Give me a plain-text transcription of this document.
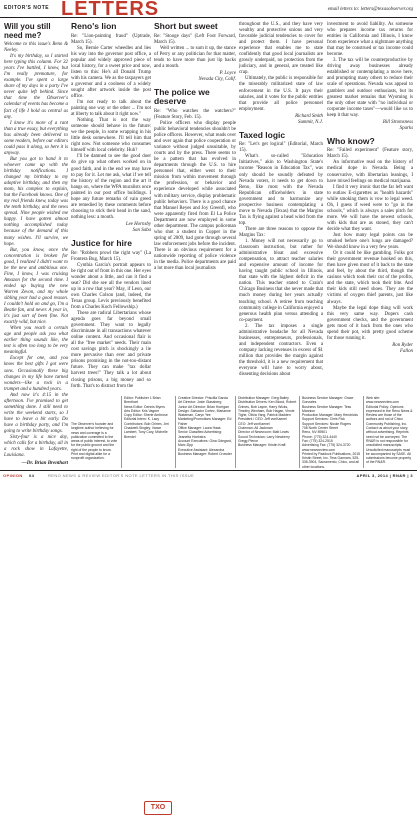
EDITOR'S NOTE LETTERS	email letters to: letters@texasobserver.org
Will you still need me?

Welcome to this issue's Reno & Neeley.

It's my birthday, so I started here typing this column. For 32 years I've battled, I know, but I'm really premature, for example. I've spent a large share of my days in a party I've never quite left behind. Since that time the Observer's calendar of events has become a fact of life I hold as central as any.

I know it's more of a rant than a true essay, but everything has already been delivered to some readers, before our editors could pass it along, so here it is anyway.

But you got to hand it to whoever came up with the birthday notifications. I changed my birthday to my adoptive birthday, and then my mom, his complex to explain, but the Facebook knows. One of my real friends knew, today was the tenth birthday, and the news spread. Nine people wished me happy. I have gotten almost nothing accomplished today because of the demand of this many wishes. I'll survive, we hope.

But, you know, once the concentration is broken for good, I realized I didn't want to be the new and ambitious one. Fine, I know, I was cruising Amazon for the second time. I ended up buying the new Warren Zevon, and my whole sibling year had a good reason. I couldn't hold on and go, I'm a Beatle fan, and never. A year in, it's just sort of been fine. Not exactly wild, but nice.

When you reach a certain age and people ask you what earlier thing sounds like, the test is often too long to be very meaningful.

Except for one, and you know the best gifts I got were sons. Occasionally these big changes in my life have turned wonders—like a rock in a trumpet and a hundred years.

And now it's 4:15 in the afternoon. I've promised to get something done. I still need to write the weekend starts, so I have to leave a bit early. Do have a birthday party, and I'm going to write birthday songs.

Sixty-four is a nice day, which calls for a birthday, all in a rock show in Lafayette, Louisiana.

—Dr. Brian Brenthart
Reno's lion

Re: "Lion-painting fraud" (Uptrade, March 15).

So, Bernie Carter wheedles and lies his way into the governor post office, a popular and widely approved piece of local history, for a sweet price and now, listen to this: He's all Donald Trump with his camera. We as the taxpayers get a governor and a coolness of a widely sought after artwork inside the post office.

I'm not ready to talk about the painting one way or the other ... I'm not at liberty to talk about it right now."

Nothing. That is not the way someone should behave in the future: we the people, in some wrapping in his little desk somewhere. I'll tell him that right now. Not someone who consumes himself with local celebrity. Huh?

I'll be damned to see the good doer do give up what others worked on in good faith, and in the end we may have to pay for it. Let me ask, what if we tell the history of the region and the art it hangs on, where the WPA muralists once painted in our post office buildings. I hope any future remarks of vain greed are remedied by these comments before choosing to stick their head in the sand, nothing less: a mouth.

Lee Hornsby
San Saba
Justice for hire

Re: "Robbers prowl the right way" (La Frontera Bug, March 15).

Cynthia Garcia's portrait appears to be right out of front in this one. Her eyes wonder about a little, and can it find a seat? Did she see all the vendors lined up in a row that year? May, if Leon, our own Charles Colson (and, indeed, the Texas group. Levis previously benefited from a Charles Koch Fellowship.)

These are radical Libertarians whose agenda goes far beyond small government. They want to legally discriminate in all transactions whatever online content. And occasional flair is all the "free market" needs. Their main cost savings pitch is shockingly a lie more pervasive than ever and private prisons promising in the not-too-distant future. They can make "tax dollar harvest trees!" They talk a lot about closing prisons, a big money and so forth. That's to distract from the

Short but sweet

Re: "Stooge days" (Left Foot Forward, March 15).

Well written ... to sum it up, the stance of Perry or any politician for that matter, tends to have more than just lip hacks and a mouth.

P. Loyce
Nevada City, Calif.
The police we deserve

Re: "Who watches the watchers?" (Feature Story, Feb. 15).

Police officers who display people public behavioral tendencies shouldn't be police officers. However, what reads over and over again that police cooperation or variance without judged unsuitable, by courts and by the press. There seems to be a pattern that has evolved in departments through the U.S. to hire personnel that, either went to their mission from within movement through the profession, or behavior and experience developed while associated with military service, display problematic public behaviors. There is a good chance that Manuel Reyes and Joy Greenfi, who were apparently fired from El La Police Department are now employed in some other department. The campus policeman who shot a student in Copper in the spring of 2009, had gone through several law enforcement jobs before the incident. There is an obvious requirement for a nationwide reporting of police violence in the media. Police departments are paid a lot more than local journalists

throughout the U.S., and they have very wealthy and protective unions and very favorable judicial tendencies to cover for and protect them. I have personal experience that enables me to state confidently that good local journalists are grossly underpaid, no protection from the judiciary, and in general, are treated like crap.

Ultimately, the public is responsible for the miserably militarized state of law enforcement in the U.S. It pays their salaries, and it votes for the public entities that provide all police personnel employment.

Richard Smith
Summit, N.J.
Taxed logic

Re: "Let's get logical" (Editorial, March 15).

What's so-called "Education Initiatives," akin to Washington State's income "Reason in Education Tax", was only should be soundly defeated by Nevada voters, it needs to get down to Reno, like most with the Nevada Republican officeholders in state government and to harmonize any prospective business contemplating a move to Nevada (Texas) that the Margins Tax is flying against a head wind from the top.

There are three reasons to oppose the Margins Tax:

1. Money will not necessarily go to classroom instruction, but rather for administrative bloat and excessive compensation, to attract teacher salaries and expensive amount of income for having taught public school in Illinois, that state with the highest deficit in the nation. This teacher stated to Crain's Chicago Business that she never made that much money during her years actually teaching school. A retiree from teaching community college in California enjoyed a generous health plan versus attending a co-payment.

2. The tax imposes a single administrative headache for all Nevada businesses, entrepreneurs, professionals, and independent contractors. Even a company lacking revenues in excess of $1 million that provides the margin against the threshold, it is a new requirement that everyone will have to worry about, dissenting decisions about

investment to avoid liability. As someone who prepares income tax returns for entities in California and Illinois, I know from experience what a nightmare anything that may be construed or tax income could become.

3. The tax will be counterproductive by driving away businesses already established or contemplating a move here, and prompting many others to reduce their scale of operations. Nevada was appeal to gamblers and outdoor enthusiasts, but its greatest market remains that Wyoming is the only other state with "no individual or corporate income taxes"—would like us to keep it that way.

Bill Stromsness
Sparks
Who know?

Re: "Failed experiment" (Feature story, March 15).

An informative read on the history of medical dope in Nevada. Being a conservative, with libertarian leanings, I have mixed feelings on medical marijuana.

I find it very ironic that the far left want to outlaw E-cigarettes as "health hazards" while smoking them is vow to legal weed. Oh, I guess if weed were to "go in the schools," which is always a sales pitch for more. We will have the newest schools, with kids that are as stoned, they can't decide what they want.

Just how many legal points can be smoked before one's lungs are damaged? We should know in a very few years.

Or it could be like gambling. Folks got their government revenue hooked on this, then have given most of it back to the state and feel, by about the third, though the casinos which took their cut of the profits, and the state, which took their bite. And their kids still need shoes. They are the victims of oxygen thief parents, just like always.

Maybe the legal dope thing will work this very same way. Dopers cash government checks, and the government gets most of it back from the ones who spend their pot, with pretty good scheme for those running it.

Ron Ryder
Fallon
TXO
The Observer's founder and longtime author believing for news and coverage is a publication committed to the areas of public interest, to vote for the public ground and the right of the people to know. Print and digital alike for a nonprofit organization.
Editor: Publisher 1 Brian Brenthart
News Editor: Dennis Myers
Arts Editor: Kris Vagner
Copy Editor: Sherie Ambrose
Editorial Intern: K. Lacy
Contributors: Bob Grimm, Jeri Chadwell-Singley, Vance Lambert, Tony Cary, Michelle Brendel
Creative Director: Priscilla Garcia
Art Director: Josie Glassberg
Junior Art Director: Brian Horrigan
Design: Salvador Cortez, Marianne Wakeman, Caryn Yee
Marketing/Promotions Manager: Ed Fisher
Office Manager: Laura Haas
Senior Classified Advertising: Jeanetta Hoekstra
Account Executives: Gina Odegard, Marc Zipp
Executive Assistant: Alexandra
Business Manager: Robert Crowder
Distribution Manager: Greg Bailey
Distribution Drivers: Ken Blood, Robert Grimes, Bob Layne, Harry Wicks, Timothy Wenham, Bob Hagan, Vinnie Tighe, Olivia Yang, Patrick Madden
President / CEO: Jeff vonKaenel
CEO: Jeff vonKaenel
Chairman: Ali Jackman
Director of Newsroom: Matt Lewis
Sound Technician: Larry Newberry
Gregg Pierce
Business Manager: Kristin Kraft
Business Service Manager: Grace Gonzales
Business Service Manager: Tess Mannion
Production Manager: Mary Hendricks
Support Services: Chris Fisk
Support Services: Nicole Rogers
708 North Center Street
Reno, NV 89501
Phone: (775) 324-4440
Fax: (775) 324-2515
Advertising Fax: (775) 324-3720
www.newsreview.com
Printed by Paddock Publications, 2015 Kristin Street, Inc. Tess Gannam, 525-335-3904, Sacramento, Chico, and all other locations.
Web site: www.newsreview.com
Editorial Policy: Opinions expressed in the Reno News & Review are those of the authors and not of Chico Community Publishing, Inc. Contact us about your story, without advertising. Reprints need not be conveyed. The RN&R is not responsible for unsolicited manuscripts. Unsolicited manuscripts must be accompanied by SASE. All submissions become property of the RN&R.
OPINION 04	RENO NEWS & REVIEW EDITOR'S NOTE LETTERS IN THIS ISSUE	APRIL 3, 2014 | RN&R | 3
